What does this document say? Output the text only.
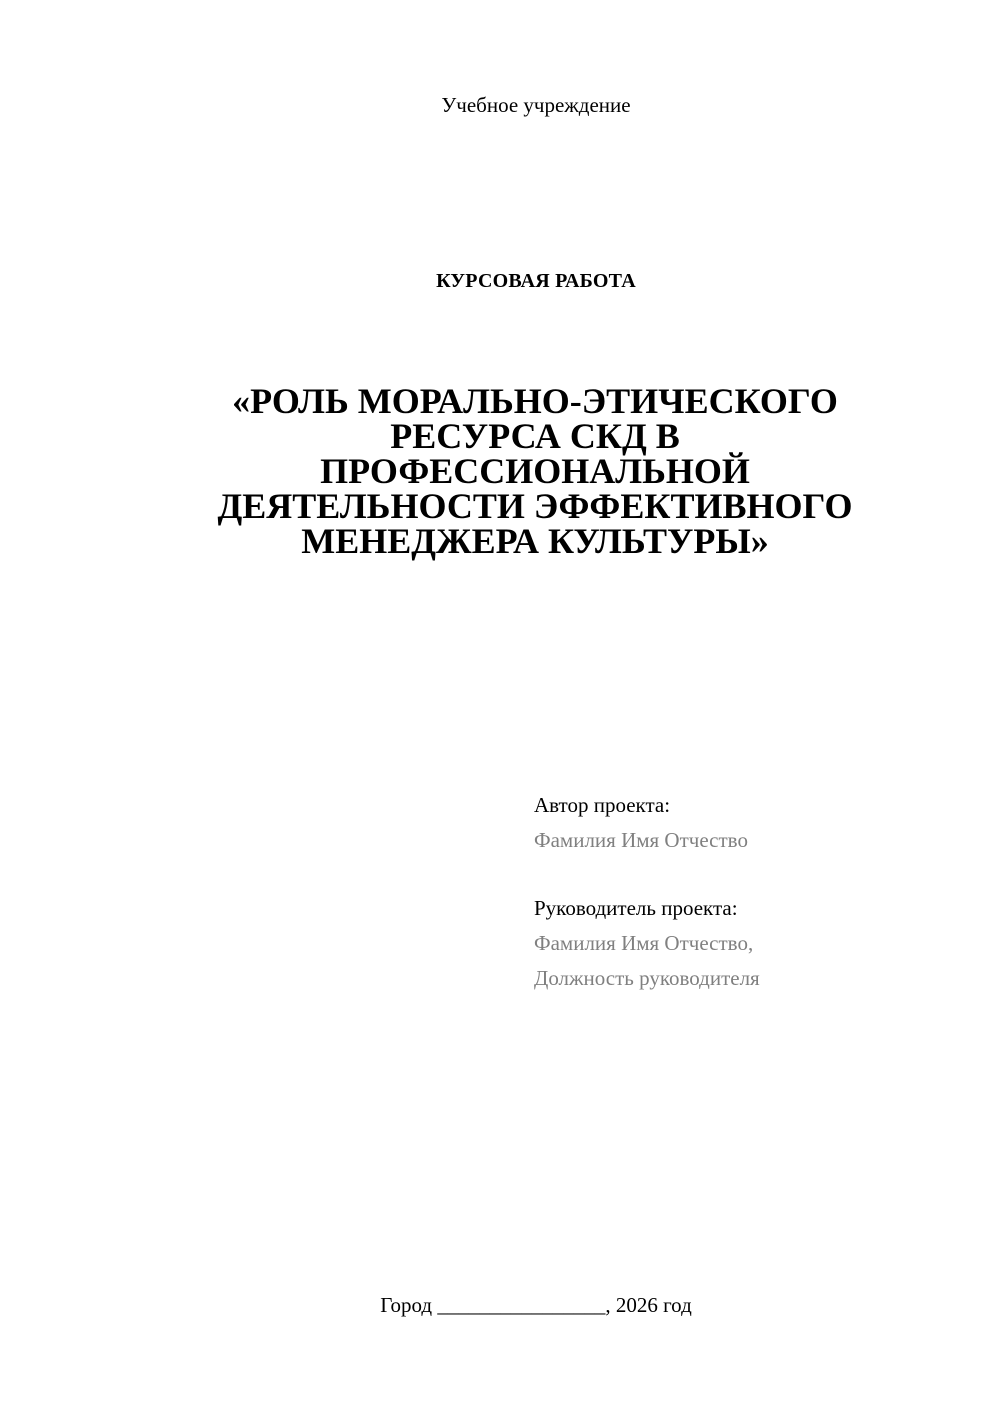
Учебное учреждение
КУРСОВАЯ РАБОТА
«РОЛЬ МОРАЛЬНО-ЭТИЧЕСКОГО
РЕСУРСА СКД В
ПРОФЕССИОНАЛЬНОЙ
ДЕЯТЕЛЬНОСТИ ЭФФЕКТИВНОГО
МЕНЕДЖЕРА КУЛЬТУРЫ»
Автор проекта:
Фамилия Имя Отчество
Руководитель проекта:
Фамилия Имя Отчество,
Должность руководителя
Город ________________, 2026 год
